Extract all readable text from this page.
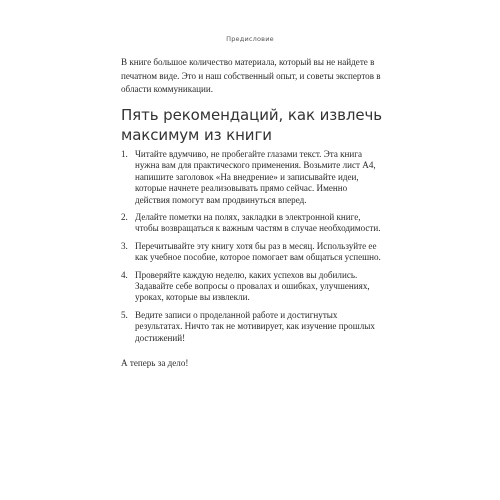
Предисловие

В книге большое количество материала, который вы не найдете в печатном виде. Это и наш собственный опыт, и советы экспертов в области коммуникации.

Пять рекомендаций, как извлечь максимум из книги
1. Читайте вдумчиво, не пробегайте глазами текст. Эта книга нужна вам для практического применения. Возьмите лист А4, напишите заголовок «На внедрение» и записывайте идеи, которые начнете реализовывать прямо сейчас. Именно действия помогут вам продвинуться вперед.
2. Делайте пометки на полях, закладки в электронной книге, чтобы возвращаться к важным частям в случае необходимости.
3. Перечитывайте эту книгу хотя бы раз в месяц. Используйте ее как учебное пособие, которое помогает вам общаться успешно.
4. Проверяйте каждую неделю, каких успехов вы добились. Задавайте себе вопросы о провалах и ошибках, улучшениях, уроках, которые вы извлекли.
5. Ведите записи о проделанной работе и достигнутых результатах. Ничто так не мотивирует, как изучение прошлых достижений!

А теперь за дело!
